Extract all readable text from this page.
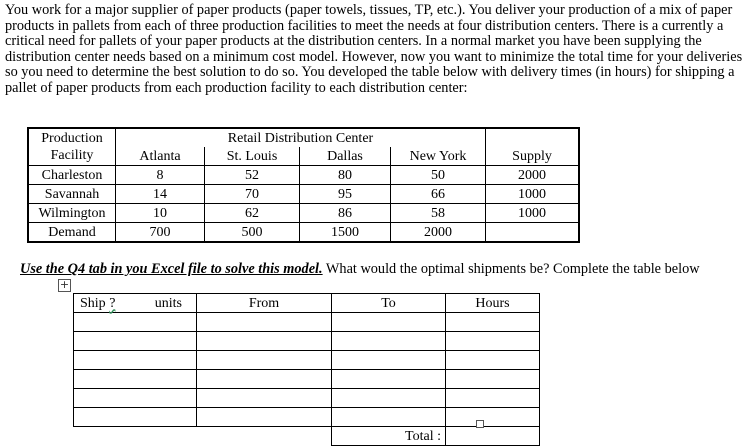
You work for a major supplier of paper products (paper towels, tissues, TP, etc.). You deliver your production of a mix of paper products in pallets from each of three production facilities to meet the needs at four distribution centers. There is a currently a critical need for pallets of your paper products at the distribution centers. In a normal market you have been supplying the distribution center needs based on a minimum cost model. However, now you want to minimize the total time for your deliveries so you need to determine the best solution to do so. You developed the table below with delivery times (in hours) for shipping a pallet of paper products from each production facility to each distribution center:

Production
Facility	Retail Distribution Center				
	Atlanta	St. Louis	Dallas	New York	Supply
Charleston	8	52	80	50	2000
Savannah	14	70	95	66	1000
Wilmington	10	62	86	58	1000
Demand	700	500	1500	2000	

Use the Q4 tab in you Excel file to solve this model. What would the optimal shipments be? Complete the table below

+
Ship ? units	From	To	Hours

		Total :	
